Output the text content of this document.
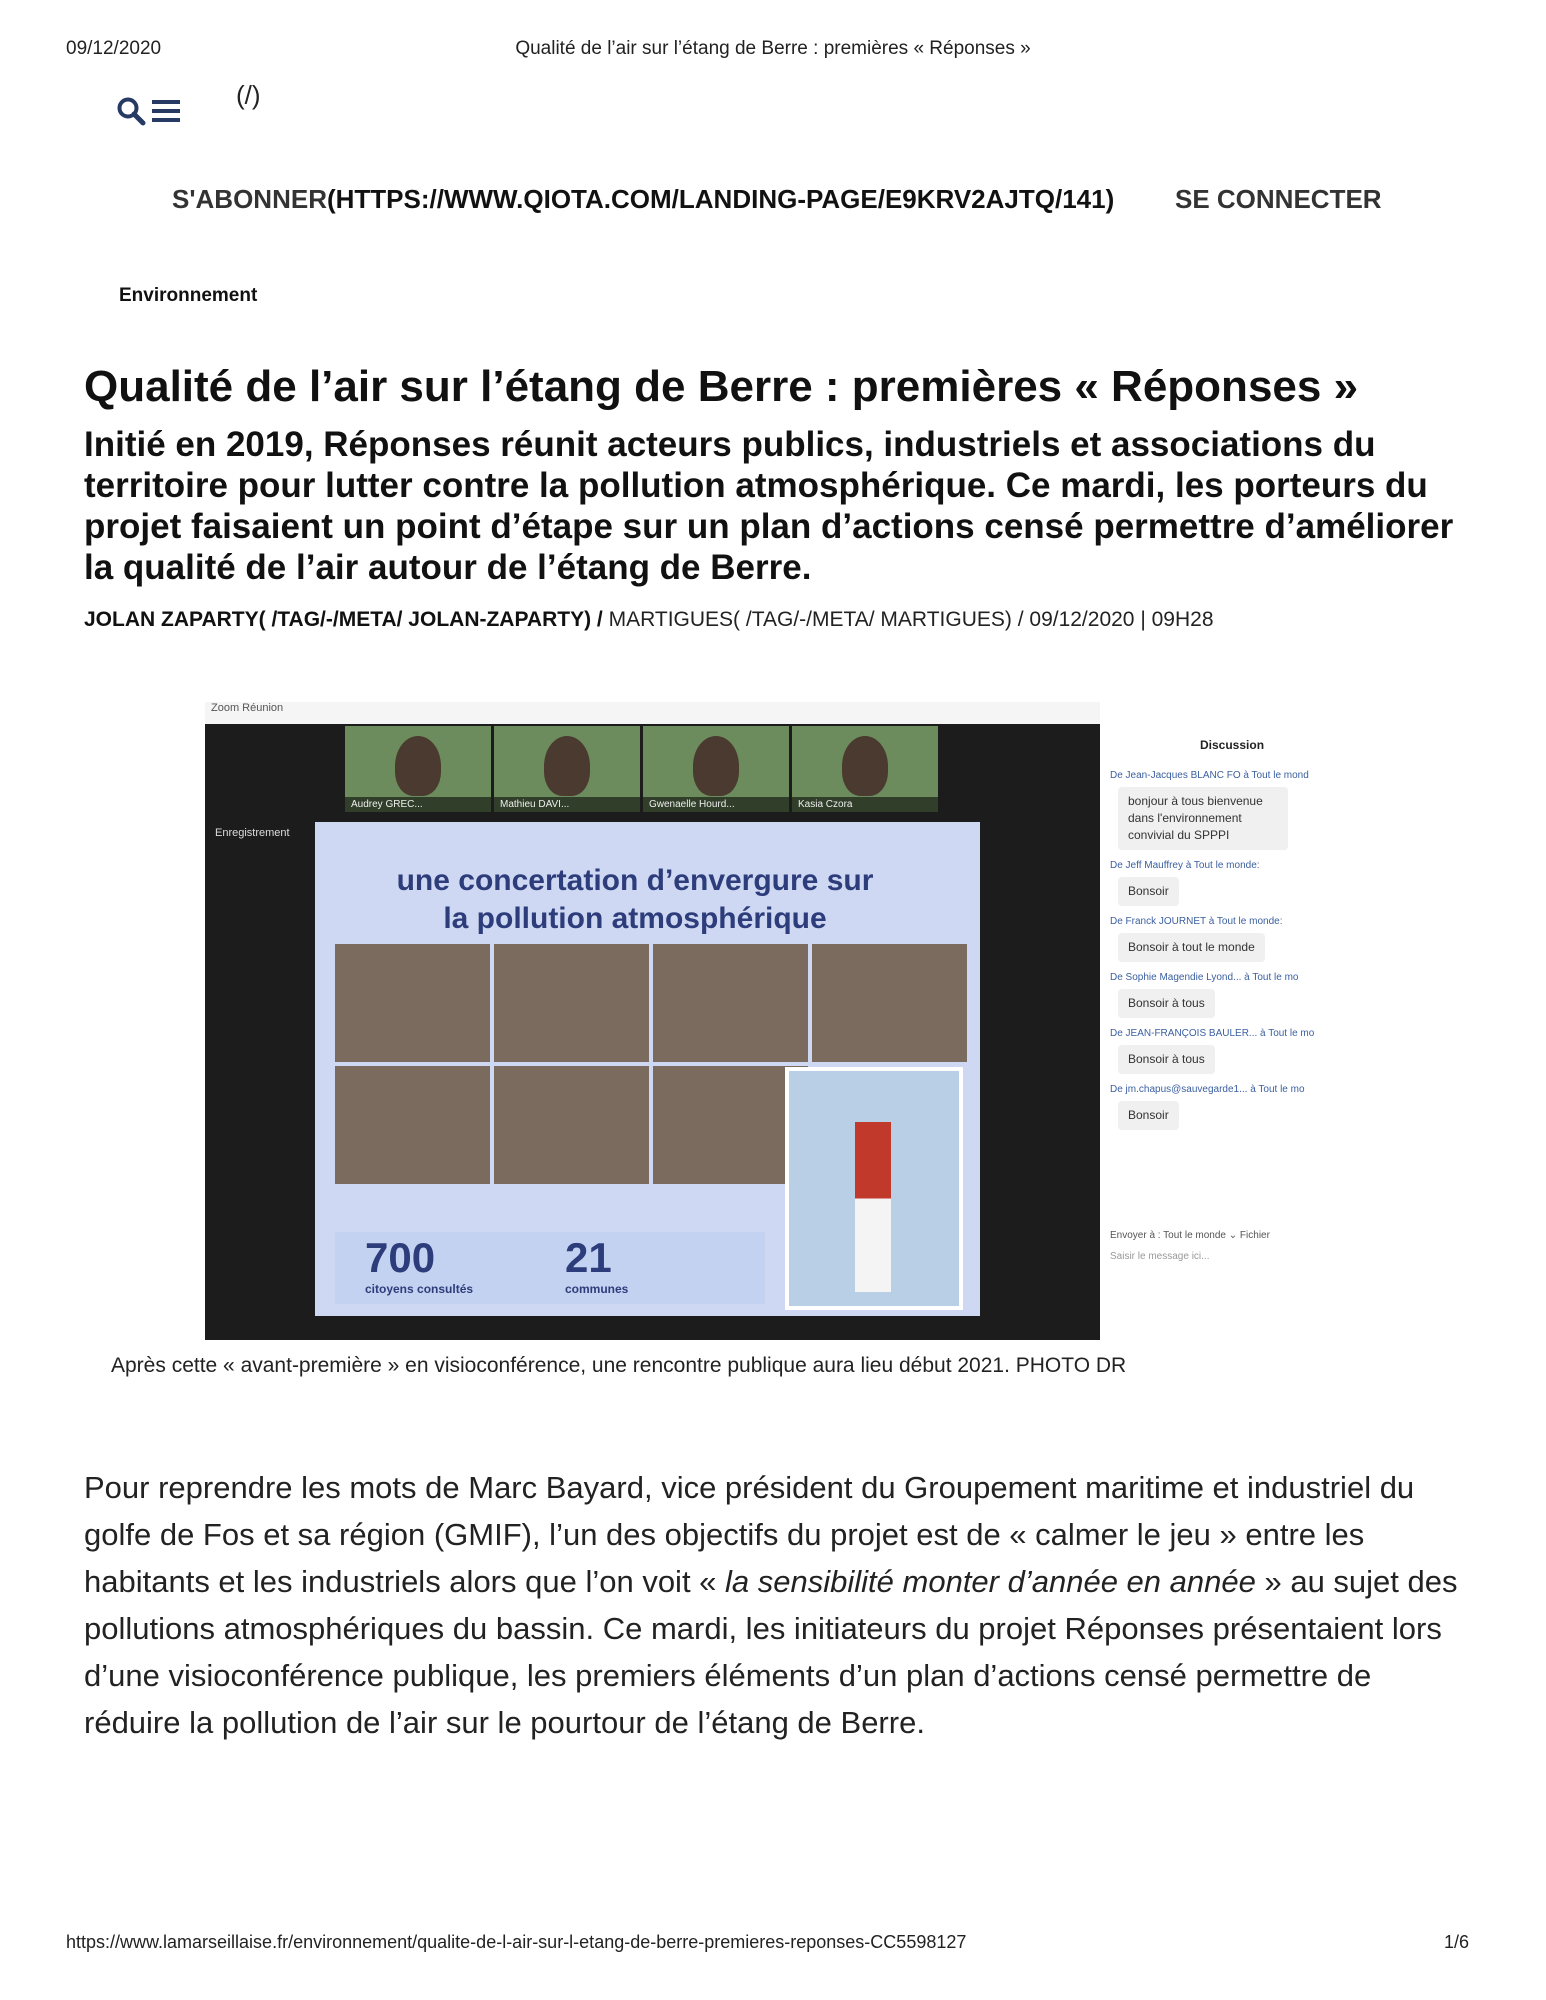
09/12/2020	Qualité de l’air sur l’étang de Berre : premières « Réponses »
(/)
S'ABONNER(HTTPS://WWW.QIOTA.COM/LANDING-PAGE/E9KRV2AJTQ/141) SE CONNECTER
Environnement
Qualité de l’air sur l’étang de Berre : premières « Réponses »
Initié en 2019, Réponses réunit acteurs publics, industriels et associations du territoire pour lutter contre la pollution atmosphérique. Ce mardi, les porteurs du projet faisaient un point d’étape sur un plan d’actions censé permettre d’améliorer la qualité de l’air autour de l’étang de Berre.
JOLAN ZAPARTY( /TAG/-/META/ JOLAN-ZAPARTY) / MARTIGUES( /TAG/-/META/ MARTIGUES) / 09/12/2020 | 09H28
Zoom Réunion
Audrey GREC...	Mathieu DAVI...	Gwenaelle Hourd...	Kasia Czora
Enregistrement
une concertation d’envergure sur la pollution atmosphérique
700
citoyens consultés
21
communes
Discussion
De Jean-Jacques BLANC FO à Tout le mond
bonjour à tous bienvenue dans l'environnement convivial du SPPPI
De Jeff Mauffrey à Tout le monde:
Bonsoir
De Franck JOURNET à Tout le monde:
Bonsoir à tout le monde
De Sophie Magendie Lyond... à Tout le mo
Bonsoir à tous
De JEAN-FRANÇOIS BAULER... à Tout le mo
Bonsoir à tous
De jm.chapus@sauvegarde1... à Tout le mo
Bonsoir
Envoyer à : Tout le monde ⌄ Fichier
Saisir le message ici...
Après cette « avant-première » en visioconférence, une rencontre publique aura lieu début 2021. PHOTO DR
Pour reprendre les mots de Marc Bayard, vice président du Groupement maritime et industriel du golfe de Fos et sa région (GMIF), l’un des objectifs du projet est de « calmer le jeu » entre les habitants et les industriels alors que l’on voit « la sensibilité monter d’année en année » au sujet des pollutions atmosphériques du bassin. Ce mardi, les initiateurs du projet Réponses présentaient lors d’une visioconférence publique, les premiers éléments d’un plan d’actions censé permettre de réduire la pollution de l’air sur le pourtour de l’étang de Berre.
https://www.lamarseillaise.fr/environnement/qualite-de-l-air-sur-l-etang-de-berre-premieres-reponses-CC5598127	1/6
